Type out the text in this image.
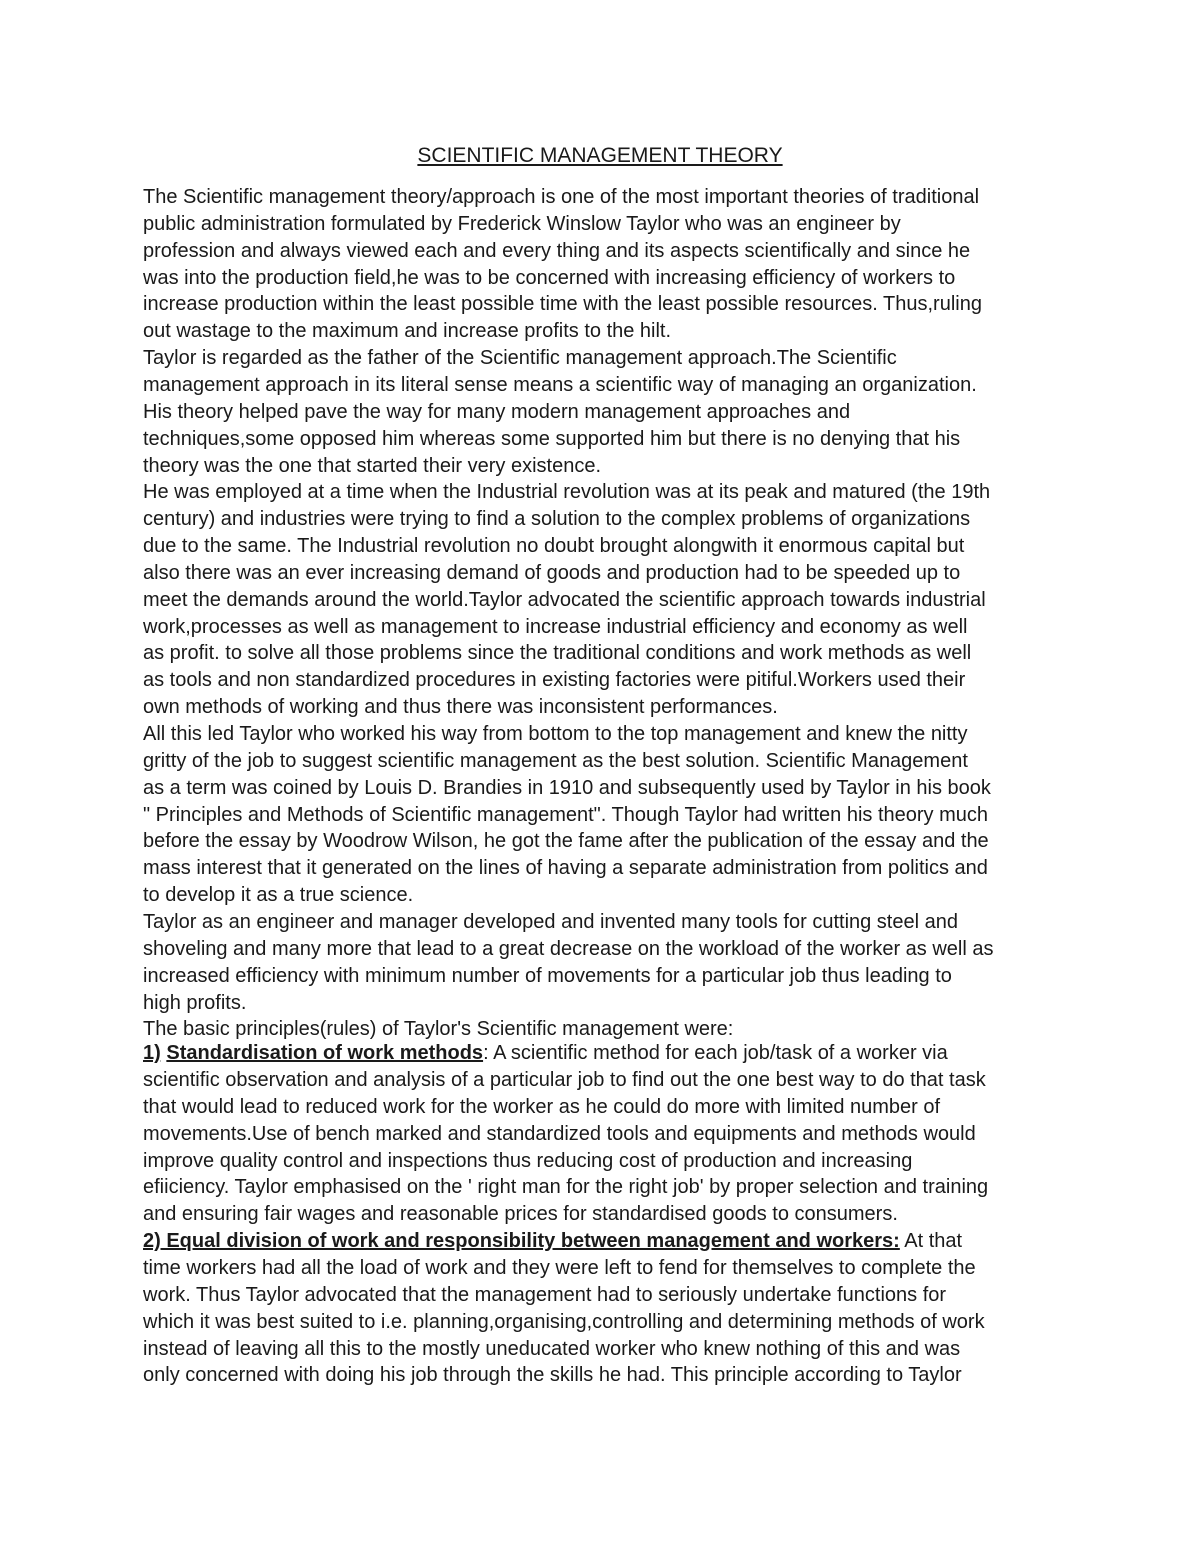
SCIENTIFIC MANAGEMENT THEORY
The Scientific management theory/approach is one of the most important theories of traditional
public administration formulated by Frederick Winslow Taylor who was an engineer by
profession and always viewed each and every thing and its aspects scientifically and since he
was into the production field,he was to be concerned with increasing efficiency of workers to
increase production within the least possible time with the least possible resources. Thus,ruling
out wastage to the maximum and increase profits to the hilt.
Taylor is regarded as the father of the Scientific management approach.The Scientific
management approach in its literal sense means a scientific way of managing an organization.
His theory helped pave the way for many modern management approaches and
techniques,some opposed him whereas some supported him but there is no denying that his
theory was the one that started their very existence.
He was employed at a time when the Industrial revolution was at its peak and matured (the 19th
century) and industries were trying to find a solution to the complex problems of organizations
due to the same. The Industrial revolution no doubt brought alongwith it enormous capital but
also there was an ever increasing demand of goods and production had to be speeded up to
meet the demands around the world.Taylor advocated the scientific approach towards industrial
work,processes as well as management to increase industrial efficiency and economy as well
as profit. to solve all those problems since the traditional conditions and work methods as well
as tools and non standardized procedures in existing factories were pitiful.Workers used their
own methods of working and thus there was inconsistent performances.
All this led Taylor who worked his way from bottom to the top management and knew the nitty
gritty of the job to suggest scientific management as the best solution. Scientific Management
as a term was coined by Louis D. Brandies in 1910 and subsequently used by Taylor in his book
" Principles and Methods of Scientific management". Though Taylor had written his theory much
before the essay by Woodrow Wilson, he got the fame after the publication of the essay and the
mass interest that it generated on the lines of having a separate administration from politics and
to develop it as a true science.
Taylor as an engineer and manager developed and invented many tools for cutting steel and
shoveling and many more that lead to a great decrease on the workload of the worker as well as
increased efficiency with minimum number of movements for a particular job thus leading to
high profits.
The basic principles(rules) of Taylor's Scientific management were:
1) Standardisation of work methods: A scientific method for each job/task of a worker via
scientific observation and analysis of a particular job to find out the one best way to do that task
that would lead to reduced work for the worker as he could do more with limited number of
movements.Use of bench marked and standardized tools and equipments and methods would
improve quality control and inspections thus reducing cost of production and increasing
efiiciency. Taylor emphasised on the ' right man for the right job' by proper selection and training
and ensuring fair wages and reasonable prices for standardised goods to consumers.
2) Equal division of work and responsibility between management and workers: At that
time workers had all the load of work and they were left to fend for themselves to complete the
work. Thus Taylor advocated that the management had to seriously undertake functions for
which it was best suited to i.e. planning,organising,controlling and determining methods of work
instead of leaving all this to the mostly uneducated worker who knew nothing of this and was
only concerned with doing his job through the skills he had. This principle according to Taylor
